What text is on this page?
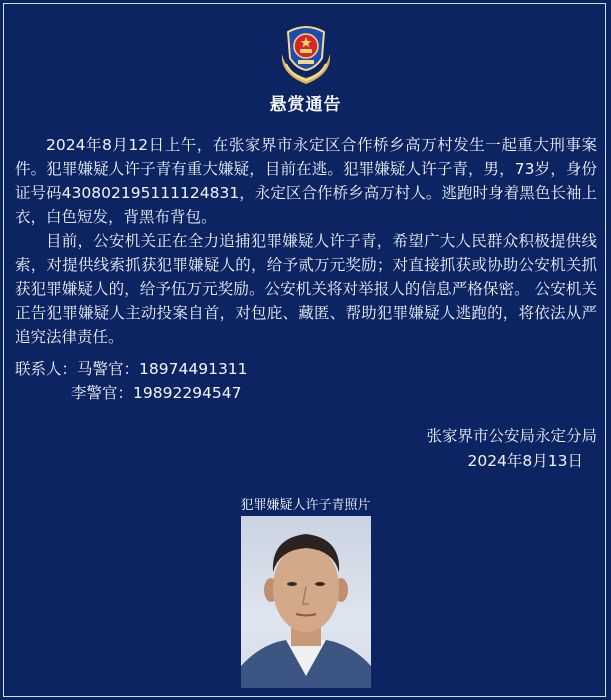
悬赏通告

2024年8月12日上午，在张家界市永定区合作桥乡高万村发生一起重大刑事案件。犯罪嫌疑人许子青有重大嫌疑，目前在逃。犯罪嫌疑人许子青，男，73岁，身份证号码430802195111124831，永定区合作桥乡高万村人。逃跑时身着黑色长袖上衣，白色短发，背黑布背包。

目前，公安机关正在全力追捕犯罪嫌疑人许子青，希望广大人民群众积极提供线索，对提供线索抓获犯罪嫌疑人的，给予贰万元奖励；对直接抓获或协助公安机关抓获犯罪嫌疑人的，给予伍万元奖励。公安机关将对举报人的信息严格保密。 公安机关正告犯罪嫌疑人主动投案自首，对包庇、藏匿、帮助犯罪嫌疑人逃跑的，将依法从严追究法律责任。

联系人：马警官：18974491311
李警官：19892294547
张家界市公安局永定分局
2024年8月13日
犯罪嫌疑人许子青照片
